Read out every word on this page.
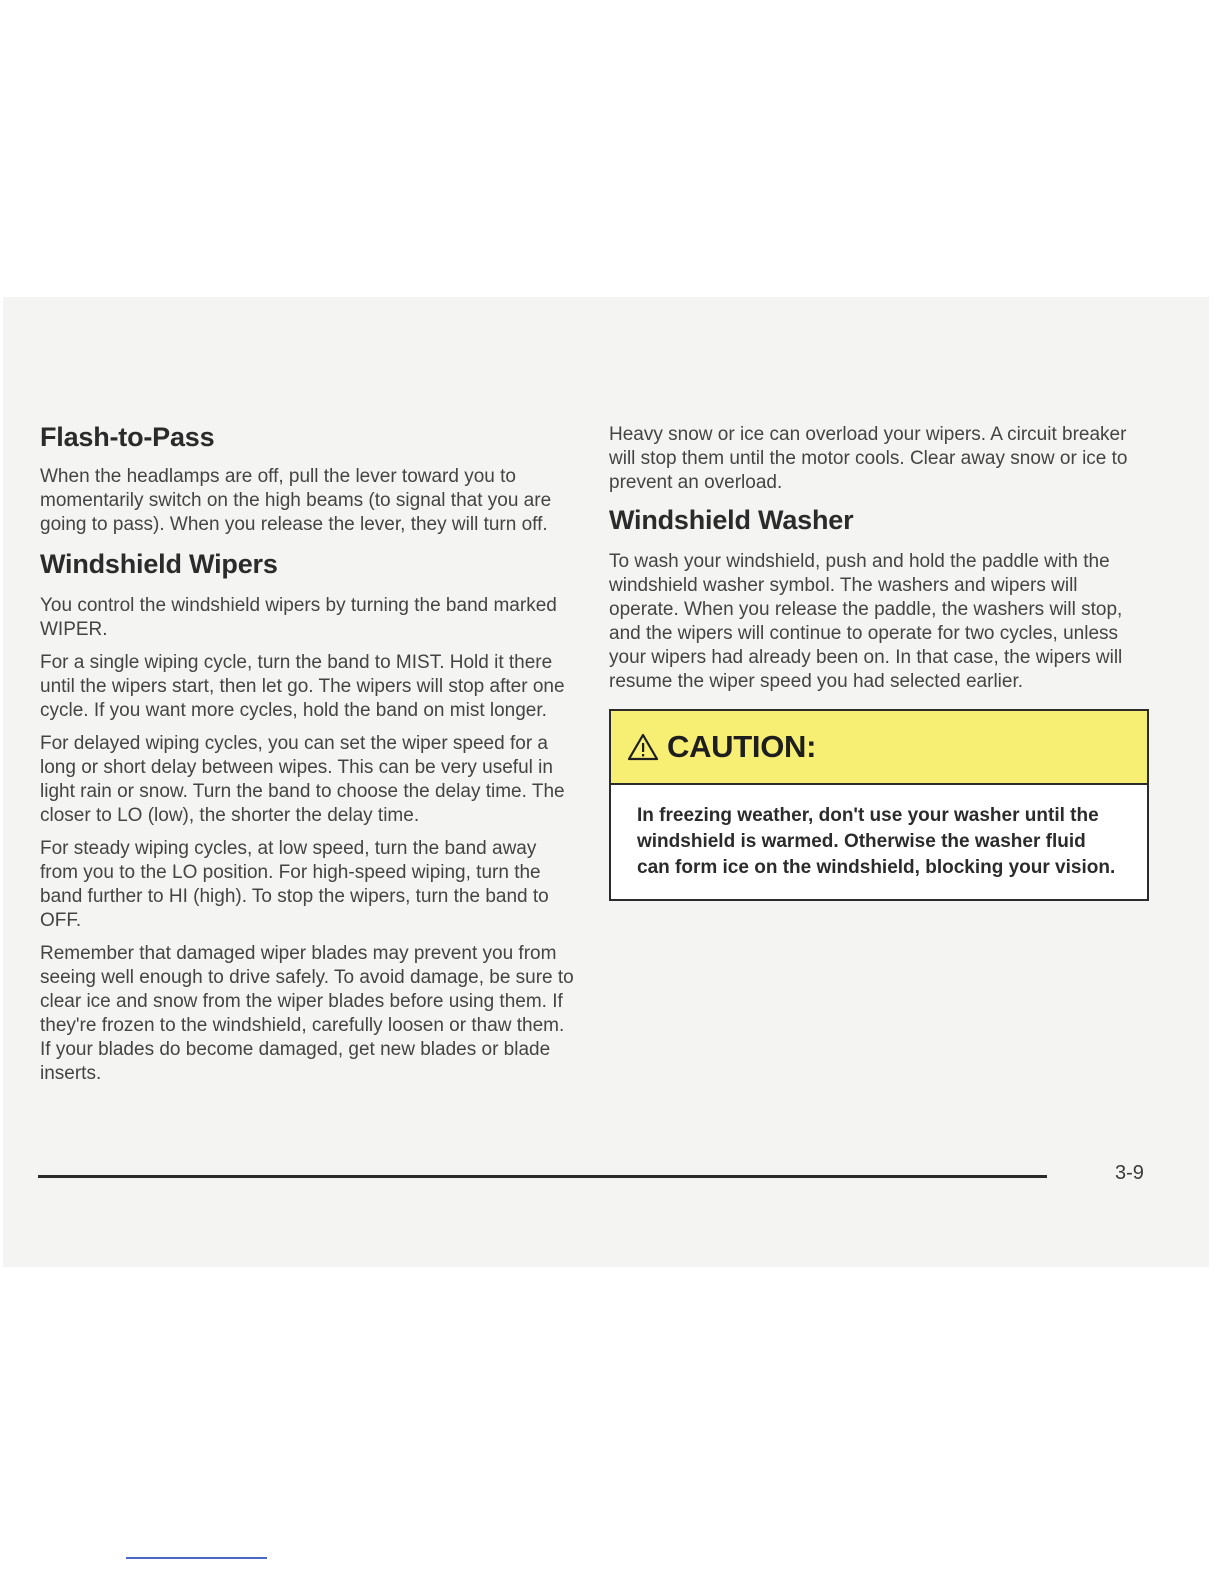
Flash-to-Pass

When the headlamps are off, pull the lever toward you to momentarily switch on the high beams (to signal that you are going to pass). When you release the lever, they will turn off.

Windshield Wipers

You control the windshield wipers by turning the band marked WIPER.

For a single wiping cycle, turn the band to MIST. Hold it there until the wipers start, then let go. The wipers will stop after one cycle. If you want more cycles, hold the band on mist longer.

For delayed wiping cycles, you can set the wiper speed for a long or short delay between wipes. This can be very useful in light rain or snow. Turn the band to choose the delay time. The closer to LO (low), the shorter the delay time.

For steady wiping cycles, at low speed, turn the band away from you to the LO position. For high-speed wiping, turn the band further to HI (high). To stop the wipers, turn the band to OFF.

Remember that damaged wiper blades may prevent you from seeing well enough to drive safely. To avoid damage, be sure to clear ice and snow from the wiper blades before using them. If they're frozen to the windshield, carefully loosen or thaw them. If your blades do become damaged, get new blades or blade inserts.

Heavy snow or ice can overload your wipers. A circuit breaker will stop them until the motor cools. Clear away snow or ice to prevent an overload.

Windshield Washer

To wash your windshield, push and hold the paddle with the windshield washer symbol. The washers and wipers will operate. When you release the paddle, the washers will stop, and the wipers will continue to operate for two cycles, unless your wipers had already been on. In that case, the wipers will resume the wiper speed you had selected earlier.

CAUTION:
In freezing weather, don't use your washer until the windshield is warmed. Otherwise the washer fluid can form ice on the windshield, blocking your vision.
3-9
